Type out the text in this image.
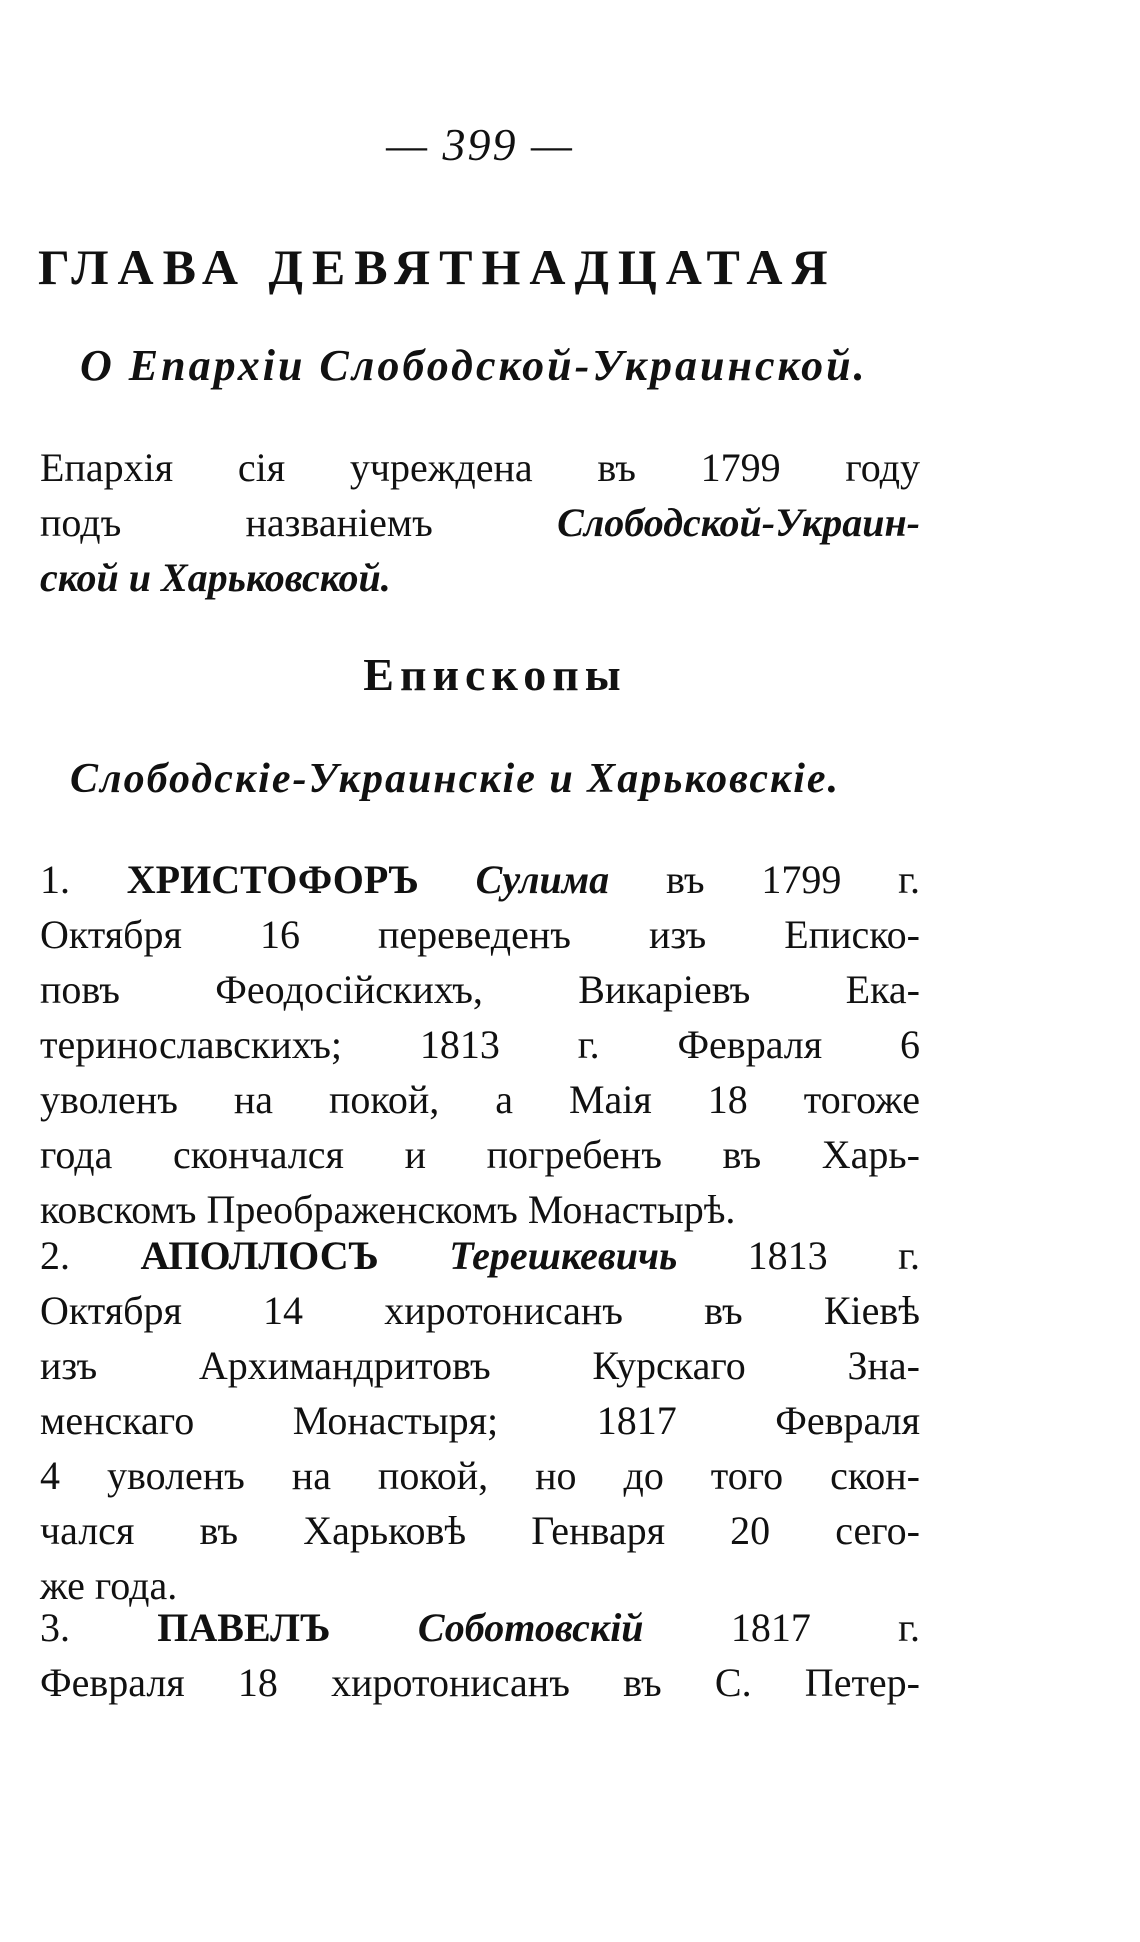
— 399 —
ГЛАВА ДЕВЯТНАДЦАТАЯ
О Епархіи Слободской-Украинской.
Епархія сія учреждена въ 1799 году
подъ названіемъ Слободской-Украин-
ской и Харьковской.
Епископы
Слободскіе-Украинскіе и Харьковскіе.
1. ХРИСТОФОРЪ Сулима въ 1799 г.
Октября 16 переведенъ изъ Еписко-
повъ Феодосійскихъ, Викаріевъ Ека-
теринославскихъ; 1813 г. Февраля 6
уволенъ на покой, а Маія 18 тогоже
года скончался и погребенъ въ Харь-
ковскомъ Преображенскомъ Монастырѣ.
2. АПОЛЛОСЪ Терешкевичь 1813 г.
Октября 14 хиротонисанъ въ Кіевѣ
изъ Архимандритовъ Курскаго Зна-
менскаго Монастыря; 1817 Февраля
4 уволенъ на покой, но до того скон-
чался въ Харьковѣ Генваря 20 сего-
же года.
3. ПАВЕЛЪ Соботовскій 1817 г.
Февраля 18 хиротонисанъ въ С. Петер-
